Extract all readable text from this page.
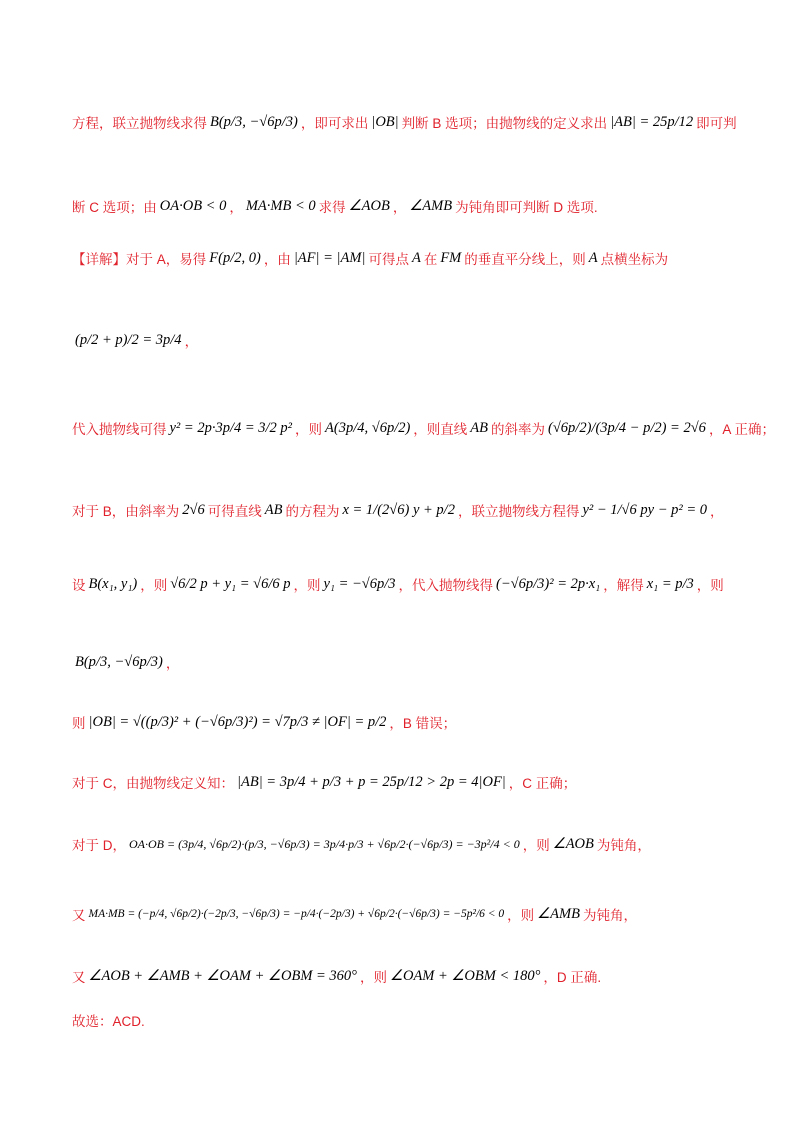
方程，联立抛物线求得 B(p/3, −√6p/3) ，即可求出 |OB| 判断 B 选项；由抛物线的定义求出 |AB| = 25p/12 即可判
断 C 选项；由 OA·OB < 0 ， MA·MB < 0 求得 ∠AOB ， ∠AMB 为钝角即可判断 D 选项.
【详解】对于 A，易得 F(p/2, 0) ，由 |AF| = |AM| 可得点 A 在 FM 的垂直平分线上，则 A 点横坐标为
(p/2 + p)/2 = 3p/4 ，
代入抛物线可得 y² = 2p·3p/4 = 3/2 p² ，则 A(3p/4, √6p/2) ，则直线 AB 的斜率为 (√6p/2)/(3p/4 − p/2) = 2√6 ，A 正确；
对于 B，由斜率为 2√6 可得直线 AB 的方程为 x = 1/(2√6) y + p/2 ，联立抛物线方程得 y² − 1/√6 py − p² = 0 ，
设 B(x₁, y₁) ，则 √6/2 p + y₁ = √6/6 p ，则 y₁ = −√6p/3 ，代入抛物线得 (−√6p/3)² = 2p·x₁ ，解得 x₁ = p/3 ，则
B(p/3, −√6p/3) ，
则 |OB| = √((p/3)² + (−√6p/3)²) = √7p/3 ≠ |OF| = p/2 ，B 错误；
对于 C，由抛物线定义知： |AB| = 3p/4 + p/3 + p = 25p/12 > 2p = 4|OF| ，C 正确；
对于 D， OA·OB = (3p/4, √6p/2)·(p/3, −√6p/3) = 3p/4·p/3 + √6p/2·(−√6p/3) = −3p²/4 < 0 ，则 ∠AOB 为钝角，
又 MA·MB = (−p/4, √6p/2)·(−2p/3, −√6p/3) = −p/4·(−2p/3) + √6p/2·(−√6p/3) = −5p²/6 < 0 ，则 ∠AMB 为钝角，
又 ∠AOB + ∠AMB + ∠OAM + ∠OBM = 360° ，则 ∠OAM + ∠OBM < 180° ，D 正确.
故选：ACD.
